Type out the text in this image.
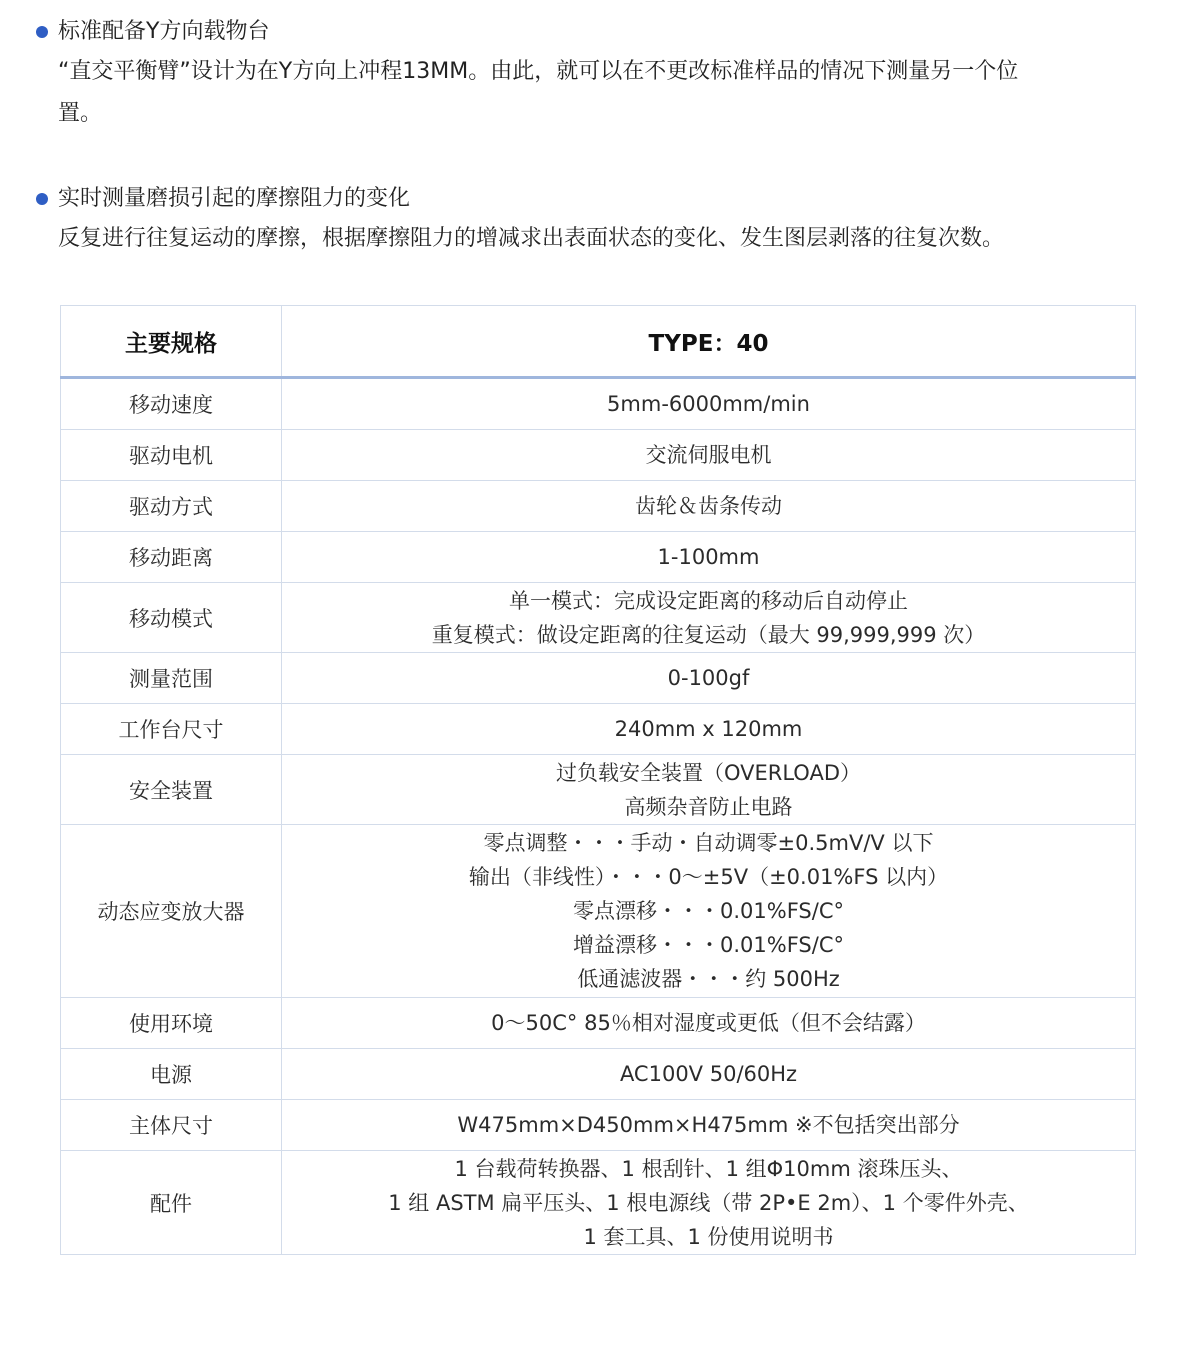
标准配备Y方向载物台
“直交平衡臂”设计为在Y方向上冲程13MM。由此，就可以在不更改标准样品的情况下测量另一个位
置。
实时测量磨损引起的摩擦阻力的变化
反复进行往复运动的摩擦，根据摩擦阻力的增减求出表面状态的变化、发生图层剥落的往复次数。
主要规格	TYPE：40
移动速度	5mm-6000mm/min

驱动电机	交流伺服电机

驱动方式	齿轮＆齿条传动

移动距离	1-100mm

移动模式	单一模式：完成设定距离的移动后自动停止
重复模式：做设定距离的往复运动（最大 99,999,999 次）

测量范围	0-100gf

工作台尺寸	240mm x 120mm

安全装置	过负载安全装置（OVERLOAD）
高频杂音防止电路

动态应变放大器	零点调整・・・手动・自动调零±0.5mV/V 以下
输出（非线性）・・・0～±5V（±0.01%FS 以内）
零点漂移・・・0.01%FS/C°
增益漂移・・・0.01%FS/C°
低通滤波器・・・约 500Hz

使用环境	0～50C° 85％相对湿度或更低（但不会结露）

电源	AC100V 50/60Hz

主体尺寸	W475mm×D450mm×H475mm ※不包括突出部分

配件	1 台载荷转换器、1 根刮针、1 组Φ10mm 滚珠压头、
1 组 ASTM 扁平压头、1 根电源线（带 2P•E 2m）、1 个零件外壳、
1 套工具、1 份使用说明书
